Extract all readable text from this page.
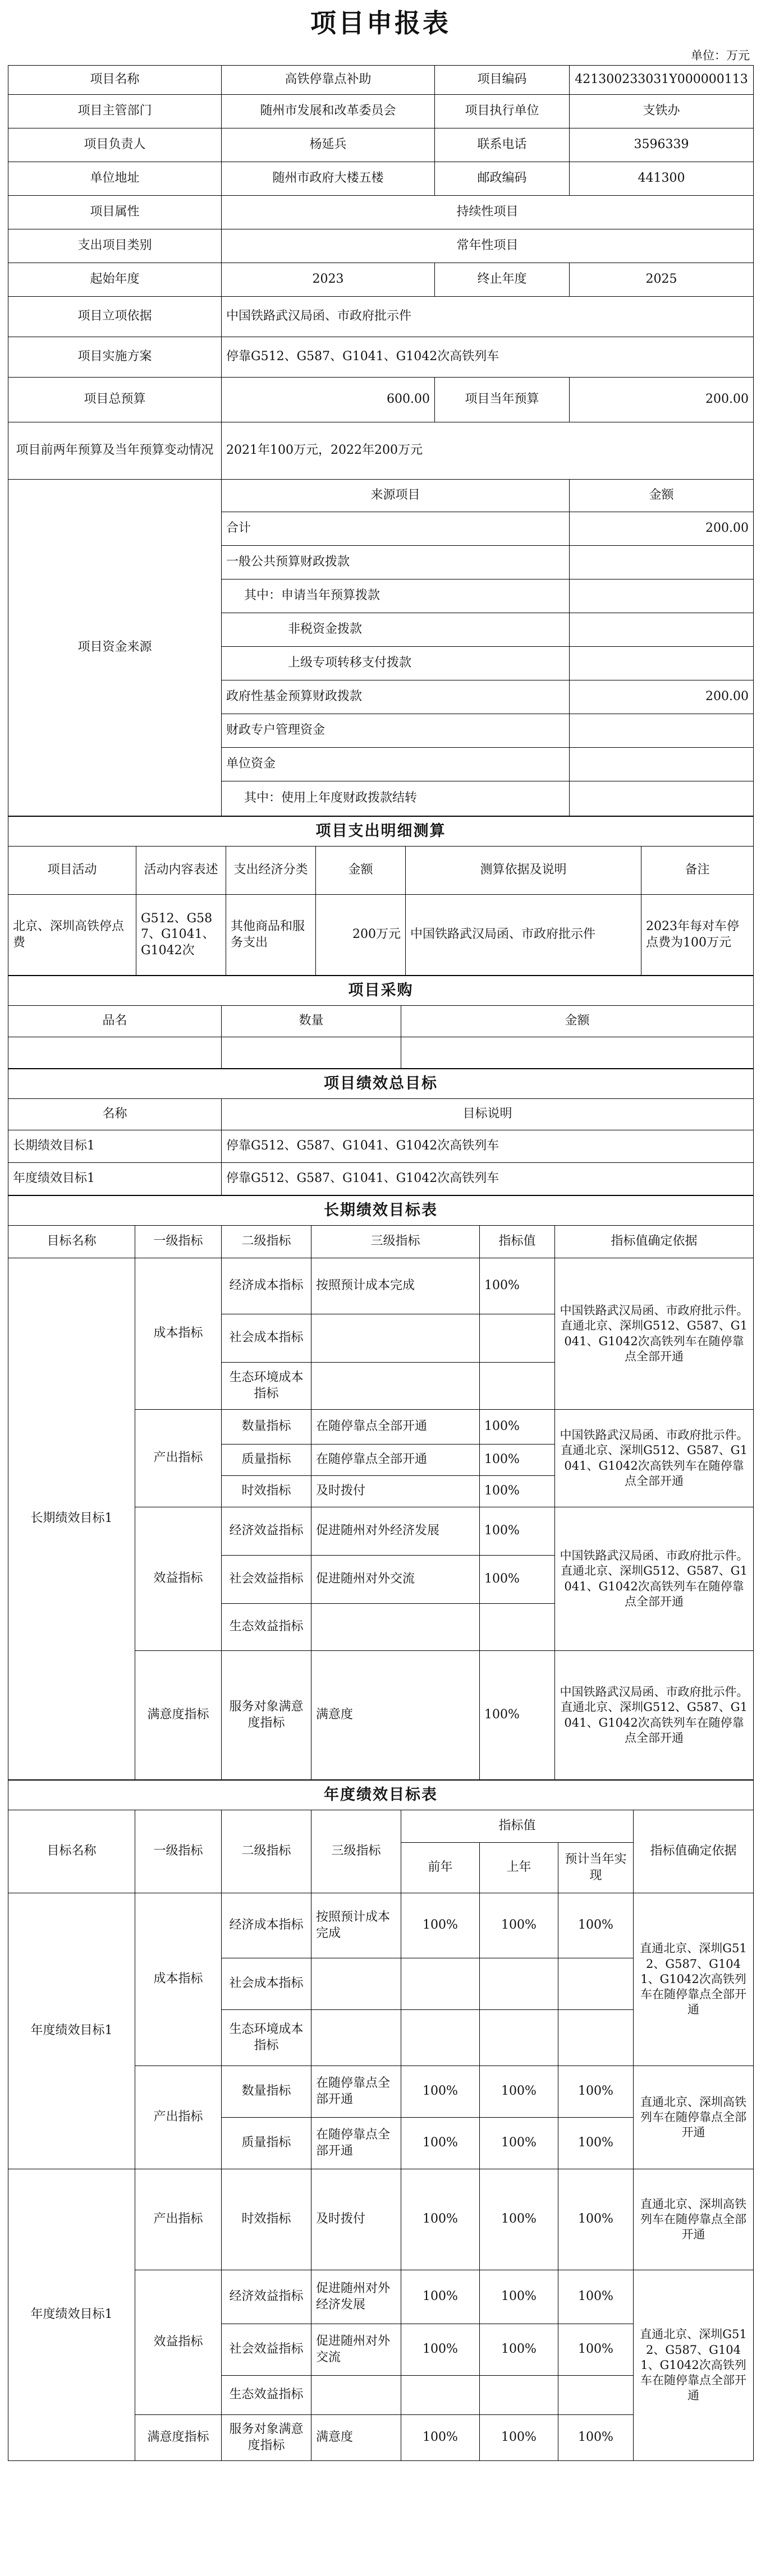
项目申报表
单位：万元
项目名称	高铁停靠点补助	项目编码	421300233031Y000000113
项目主管部门	随州市发展和改革委员会	项目执行单位	支铁办
项目负责人	杨延兵	联系电话	3596339
单位地址	随州市政府大楼五楼	邮政编码	441300
项目属性	持续性项目		
支出项目类别	常年性项目		
起始年度	2023	终止年度	2025
项目立项依据	中国铁路武汉局函、市政府批示件		
项目实施方案	停靠G512、G587、G1041、G1042次高铁列车		
项目总预算	600.00	项目当年预算	200.00
项目前两年预算及当年预算变动情况	2021年100万元，2022年200万元		
项目资金来源	来源项目		金额
	合计		200.00
	一般公共预算财政拨款		
	其中：申请当年预算拨款		
	非税资金拨款		
	上级专项转移支付拨款		
	政府性基金预算财政拨款		200.00
	财政专户管理资金		
	单位资金		
	其中：使用上年度财政拨款结转		
项目支出明细测算					
项目活动	活动内容表述	支出经济分类	金额	测算依据及说明	备注
北京、深圳高铁停点费	G512、G587、G1041、G1042次	其他商品和服务支出	200万元	中国铁路武汉局函、市政府批示件	2023年每对车停点费为100万元
项目采购		
品名	数量	金额

项目绩效总目标	
名称	目标说明
长期绩效目标1	停靠G512、G587、G1041、G1042次高铁列车
年度绩效目标1	停靠G512、G587、G1041、G1042次高铁列车
长期绩效目标表					
目标名称	一级指标	二级指标	三级指标	指标值	指标值确定依据
长期绩效目标1	成本指标	经济成本指标	按照预计成本完成	100%	中国铁路武汉局函、市政府批示件。直通北京、深圳G512、G587、G1041、G1042次高铁列车在随停靠点全部开通
		社会成本指标			
		生态环境成本指标			
	产出指标	数量指标	在随停靠点全部开通	100%	中国铁路武汉局函、市政府批示件。直通北京、深圳G512、G587、G1041、G1042次高铁列车在随停靠点全部开通
		质量指标	在随停靠点全部开通	100%	
		时效指标	及时拨付	100%	
	效益指标	经济效益指标	促进随州对外经济发展	100%	中国铁路武汉局函、市政府批示件。直通北京、深圳G512、G587、G1041、G1042次高铁列车在随停靠点全部开通
		社会效益指标	促进随州对外交流	100%	
		生态效益指标			
	满意度指标	服务对象满意度指标	满意度	100%	中国铁路武汉局函、市政府批示件。直通北京、深圳G512、G587、G1041、G1042次高铁列车在随停靠点全部开通
年度绩效目标表							
目标名称	一级指标	二级指标	三级指标	指标值			指标值确定依据
				前年	上年	预计当年实现	
年度绩效目标1	成本指标	经济成本指标	按照预计成本完成	100%	100%	100%	直通北京、深圳G512、G587、G1041、G1042次高铁列车在随停靠点全部开通
		社会成本指标					
		生态环境成本指标					
	产出指标	数量指标	在随停靠点全部开通	100%	100%	100%	直通北京、深圳高铁列车在随停靠点全部开通
		质量指标	在随停靠点全部开通	100%	100%	100%	
年度绩效目标1	产出指标	时效指标	及时拨付	100%	100%	100%	直通北京、深圳高铁列车在随停靠点全部开通
	效益指标	经济效益指标	促进随州对外经济发展	100%	100%	100%	直通北京、深圳G512、G587、G1041、G1042次高铁列车在随停靠点全部开通
		社会效益指标	促进随州对外交流	100%	100%	100%	
		生态效益指标					
	满意度指标	服务对象满意度指标	满意度	100%	100%	100%	
